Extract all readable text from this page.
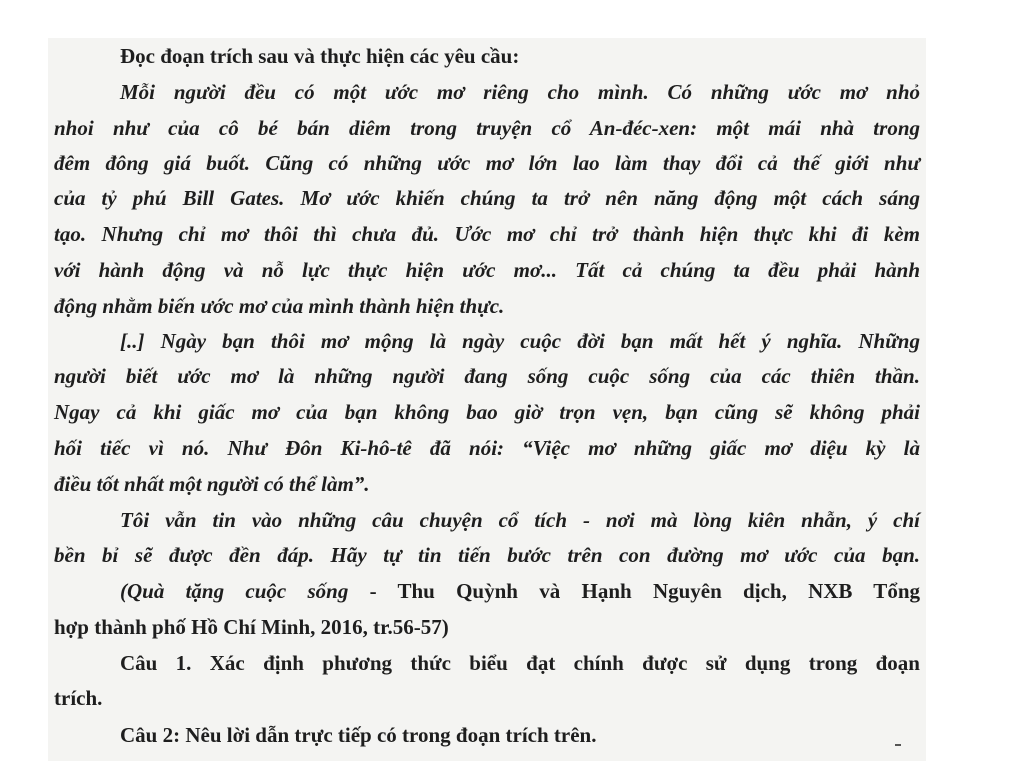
Đọc đoạn trích sau và thực hiện các yêu cầu:

Mỗi người đều có một ước mơ riêng cho mình. Có những ước mơ nhỏ

nhoi như của cô bé bán diêm trong truyện cổ An-đéc-xen: một mái nhà trong

đêm đông giá buốt. Cũng có những ước mơ lớn lao làm thay đổi cả thế giới như

của tỷ phú Bill Gates. Mơ ước khiến chúng ta trở nên năng động một cách sáng

tạo. Nhưng chỉ mơ thôi thì chưa đủ. Ước mơ chỉ trở thành hiện thực khi đi kèm

với hành động và nỗ lực thực hiện ước mơ... Tất cả chúng ta đều phải hành

động nhằm biến ước mơ của mình thành hiện thực.

[..] Ngày bạn thôi mơ mộng là ngày cuộc đời bạn mất hết ý nghĩa. Những

người biết ước mơ là những người đang sống cuộc sống của các thiên thần.

Ngay cả khi giấc mơ của bạn không bao giờ trọn vẹn, bạn cũng sẽ không phải

hối tiếc vì nó. Như Đôn Ki-hô-tê đã nói: “Việc mơ những giấc mơ diệu kỳ là

điều tốt nhất một người có thể làm”.

Tôi vẫn tin vào những câu chuyện cổ tích - nơi mà lòng kiên nhẫn, ý chí

bền bỉ sẽ được đền đáp. Hãy tự tin tiến bước trên con đường mơ ước của bạn.

(Quà tặng cuộc sống - Thu Quỳnh và Hạnh Nguyên dịch, NXB Tổng

hợp thành phố Hồ Chí Minh, 2016, tr.56-57)

Câu 1. Xác định phương thức biểu đạt chính được sử dụng trong đoạn

trích.

Câu 2: Nêu lời dẫn trực tiếp có trong đoạn trích trên.
